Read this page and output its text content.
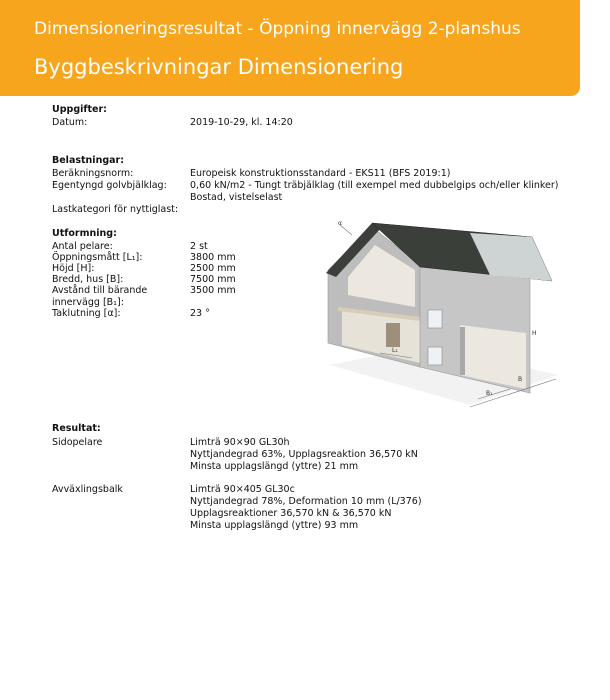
Dimensioneringsresultat - Öppning innervägg 2-planshus
Byggbeskrivningar Dimensionering
Uppgifter:
Datum:	2019-10-29, kl. 14:20
Belastningar:
Beräkningsnorm:	Europeisk konstruktionsstandard - EKS11 (BFS 2019:1)
Egentyngd golvbjälklag: 0,60 kN/m2 - Tungt träbjälklag (till exempel med dubbelgips och/eller klinker)
Bostad, vistelselast
Lastkategori för nyttiglast:
Utformning:
Antal pelare:	2 st
Öppningsmått [L₁]:	3800 mm
Höjd [H]:	2500 mm
Bredd, hus [B]:	7500 mm
Avstånd till bärande innervägg [B₁]:
3500 mm
Taklutning [α]:	23 °
α
B
B₁
L₁
H
Resultat:
Sidopelare	Limträ 90×90 GL30h
Nyttjandegrad 63%, Upplagsreaktion 36,570 kN
Minsta upplagslängd (yttre) 21 mm
Avväxlingsbalk	Limträ 90×405 GL30c
Nyttjandegrad 78%, Deformation 10 mm (L/376)
Upplagsreaktioner 36,570 kN & 36,570 kN
Minsta upplagslängd (yttre) 93 mm
